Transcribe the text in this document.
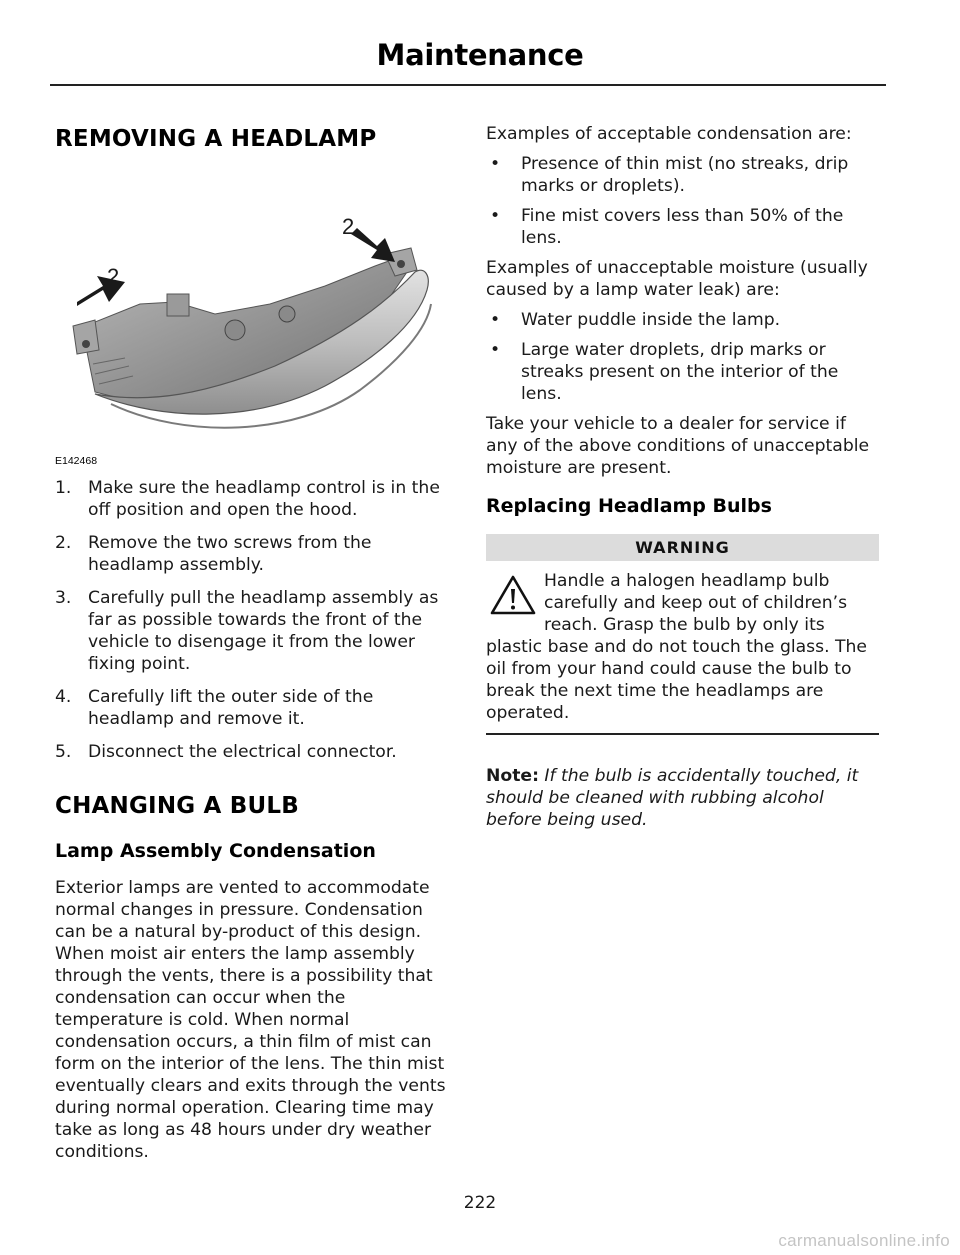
Maintenance
REMOVING A HEADLAMP
2
2
E142468
1. Make sure the headlamp control is in the off position and open the hood.
2. Remove the two screws from the headlamp assembly.
3. Carefully pull the headlamp assembly as far as possible towards the front of the vehicle to disengage it from the lower fixing point.
4. Carefully lift the outer side of the headlamp and remove it.
5. Disconnect the electrical connector.
CHANGING A BULB
Lamp Assembly Condensation

Exterior lamps are vented to accommodate normal changes in pressure. Condensation can be a natural by-product of this design. When moist air enters the lamp assembly through the vents, there is a possibility that condensation can occur when the temperature is cold. When normal condensation occurs, a thin film of mist can form on the interior of the lens. The thin mist eventually clears and exits through the vents during normal operation. Clearing time may take as long as 48 hours under dry weather conditions.

Examples of acceptable condensation are:

• Presence of thin mist (no streaks, drip marks or droplets).
• Fine mist covers less than 50% of the lens.

Examples of unacceptable moisture (usually caused by a lamp water leak) are:

• Water puddle inside the lamp.
• Large water droplets, drip marks or streaks present on the interior of the lens.

Take your vehicle to a dealer for service if any of the above conditions of unacceptable moisture are present.

Replacing Headlamp Bulbs
WARNING
Handle a halogen headlamp bulb carefully and keep out of children’s reach. Grasp the bulb by only its plastic base and do not touch the glass. The oil from your hand could cause the bulb to break the next time the headlamps are operated.

Note: If the bulb is accidentally touched, it should be cleaned with rubbing alcohol before being used.

222
carmanualsonline.info
